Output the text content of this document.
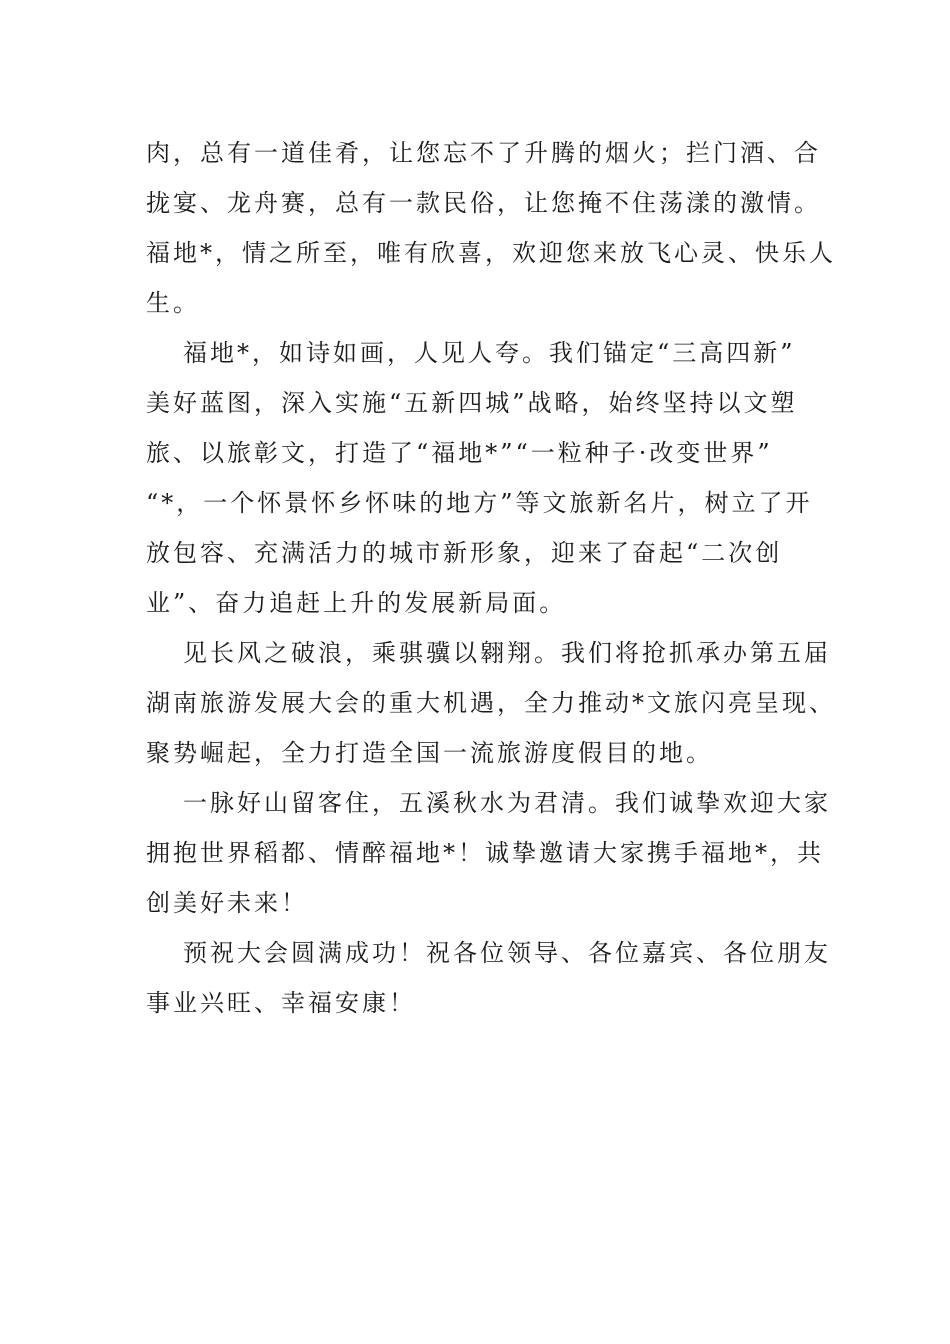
肉，总有一道佳肴，让您忘不了升腾的烟火；拦门酒、合
拢宴、龙舟赛，总有一款民俗，让您掩不住荡漾的激情。
福地*，情之所至，唯有欣喜，欢迎您来放飞心灵、快乐人
生。
福地*，如诗如画，人见人夸。我们锚定“三高四新”
美好蓝图，深入实施“五新四城”战略，始终坚持以文塑
旅、以旅彰文，打造了“福地*”“一粒种子·改变世界”
“*，一个怀景怀乡怀味的地方”等文旅新名片，树立了开
放包容、充满活力的城市新形象，迎来了奋起“二次创
业”、奋力追赶上升的发展新局面。
见长风之破浪，乘骐骥以翱翔。我们将抢抓承办第五届
湖南旅游发展大会的重大机遇，全力推动*文旅闪亮呈现、
聚势崛起，全力打造全国一流旅游度假目的地。
一脉好山留客住，五溪秋水为君清。我们诚挚欢迎大家
拥抱世界稻都、情醉福地*！诚挚邀请大家携手福地*，共
创美好未来！
预祝大会圆满成功！祝各位领导、各位嘉宾、各位朋友
事业兴旺、幸福安康！
